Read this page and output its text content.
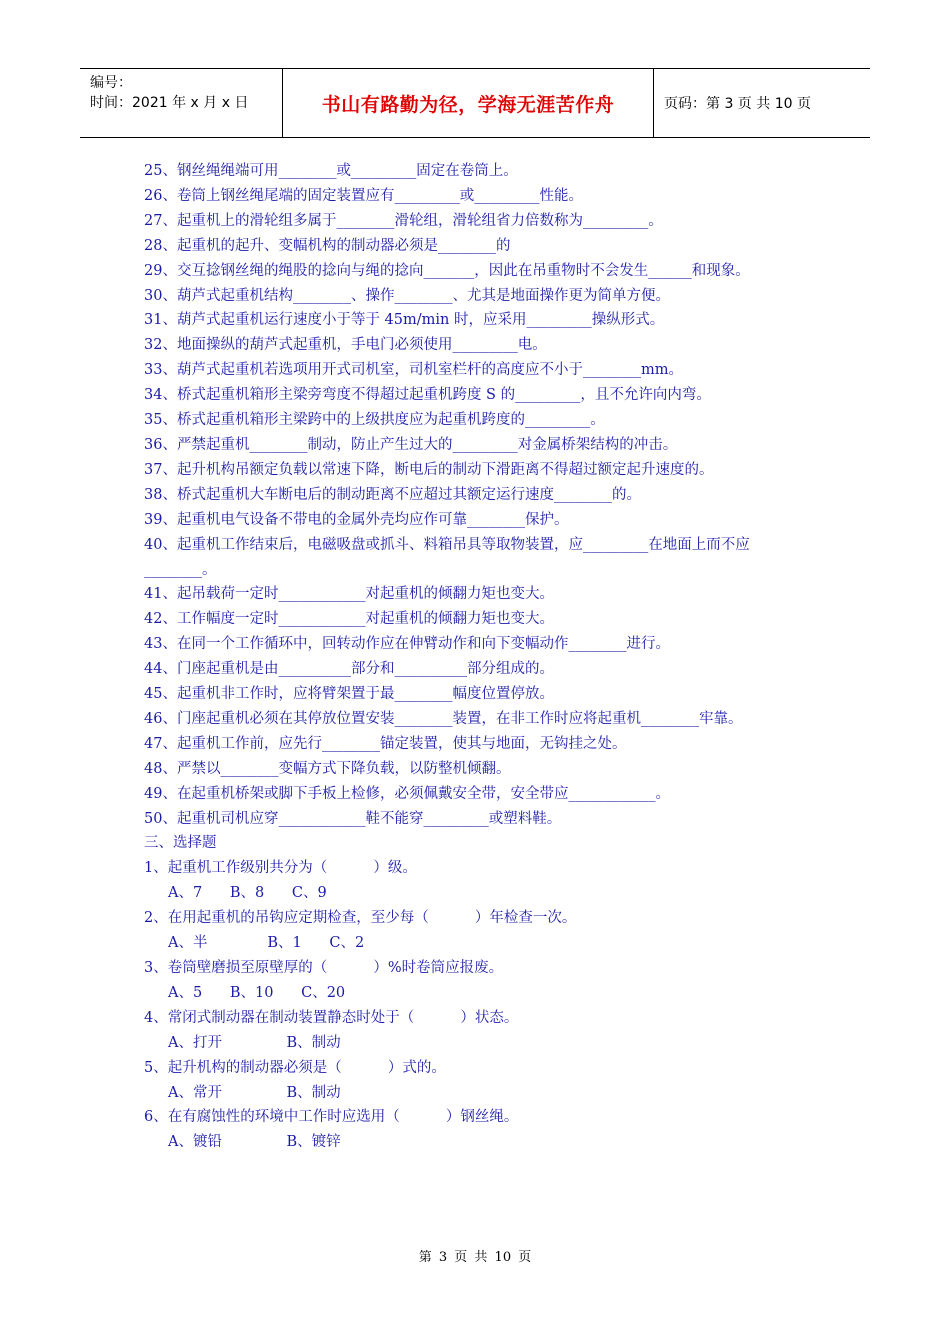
编号：
时间：2021 年 x 月 x 日	书山有路勤为径，学海无涯苦作舟	页码：第 3 页 共 10 页
25、钢丝绳绳端可用________或_________固定在卷筒上。
26、卷筒上钢丝绳尾端的固定装置应有_________或_________性能。
27、起重机上的滑轮组多属于________滑轮组，滑轮组省力倍数称为_________。
28、起重机的起升、变幅机构的制动器必须是________的
29、交互捻钢丝绳的绳股的捻向与绳的捻向_______，因此在吊重物时不会发生______和现象。
30、葫芦式起重机结构________、操作________、尤其是地面操作更为简单方便。
31、葫芦式起重机运行速度小于等于 45m/min 时，应采用_________操纵形式。
32、地面操纵的葫芦式起重机，手电门必须使用_________电。
33、葫芦式起重机若选项用开式司机室，司机室栏杆的高度应不小于________mm。
34、桥式起重机箱形主梁旁弯度不得超过起重机跨度 S 的_________，且不允许向内弯。
35、桥式起重机箱形主梁跨中的上级拱度应为起重机跨度的_________。
36、严禁起重机________制动，防止产生过大的_________对金属桥架结构的冲击。
37、起升机构吊额定负载以常速下降，断电后的制动下滑距离不得超过额定起升速度的。
38、桥式起重机大车断电后的制动距离不应超过其额定运行速度________的。
39、起重机电气设备不带电的金属外壳均应作可靠________保护。
40、起重机工作结束后，电磁吸盘或抓斗、料箱吊具等取物装置，应_________在地面上而不应________。
41、起吊载荷一定时____________对起重机的倾翻力矩也变大。
42、工作幅度一定时____________对起重机的倾翻力矩也变大。
43、在同一个工作循环中，回转动作应在伸臂动作和向下变幅动作________进行。
44、门座起重机是由__________部分和__________部分组成的。
45、起重机非工作时，应将臂架置于最________幅度位置停放。
46、门座起重机必须在其停放位置安装________装置，在非工作时应将起重机________牢靠。
47、起重机工作前，应先行________锚定装置，使其与地面，无钩挂之处。
48、严禁以________变幅方式下降负载，以防整机倾翻。
49、在起重机桥架或脚下手板上检修，必须佩戴安全带，安全带应____________。
50、起重机司机应穿____________鞋不能穿_________或塑料鞋。
三、选择题
1、起重机工作级别共分为（          ）级。
A、7      B、8      C、9
2、在用起重机的吊钩应定期检查，至少每（          ）年检查一次。
A、半             B、1      C、2
3、卷筒壁磨损至原壁厚的（          ）%时卷筒应报废。
A、5      B、10      C、20
4、常闭式制动器在制动装置静态时处于（          ）状态。
A、打开              B、制动
5、起升机构的制动器必须是（          ）式的。
A、常开              B、制动
6、在有腐蚀性的环境中工作时应选用（          ）钢丝绳。
A、镀铅              B、镀锌
第 3 页 共 10 页
